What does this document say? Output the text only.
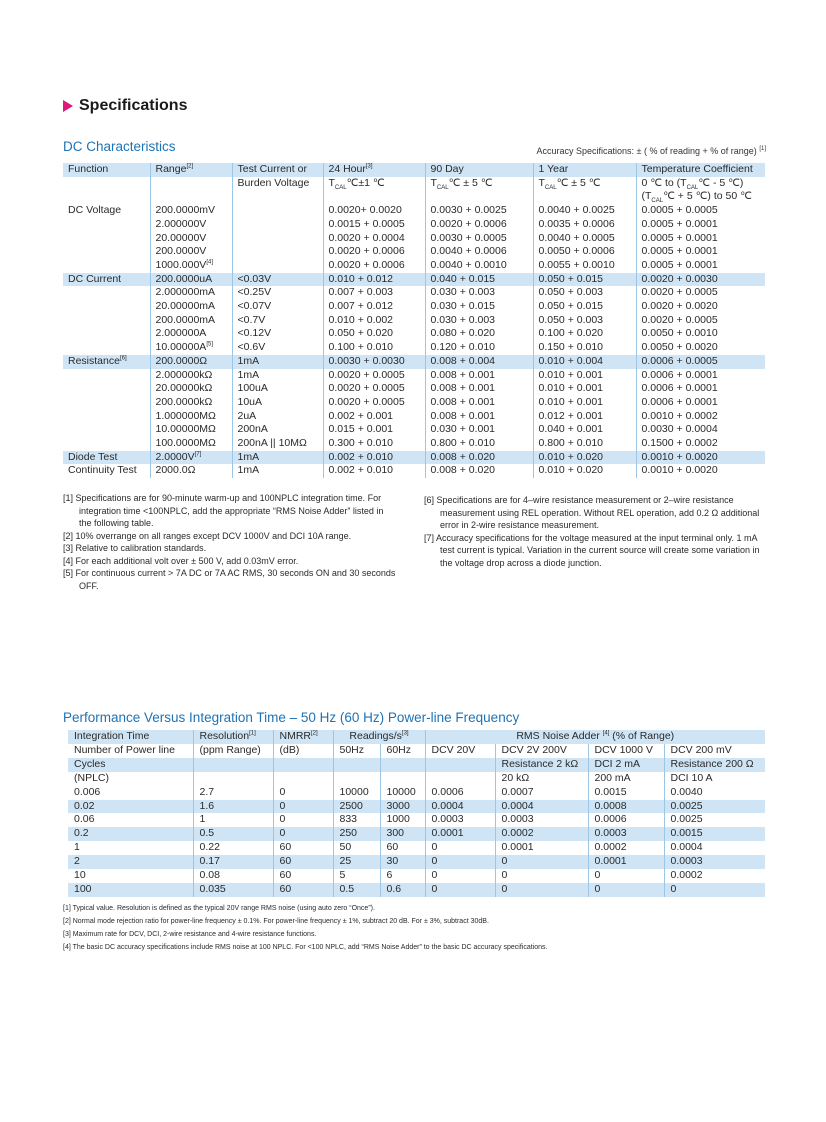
Specifications
DC Characteristics	Accuracy Specifications: ± ( % of reading + % of range) [1]
Function	Range[2]	Test Current or	24 Hour[3]	90 Day	1 Year	Temperature Coefficient
		Burden Voltage	$T_{CAL}℃\pm 1$ ℃	$T_{CAL}℃ \pm 5$ ℃	$T_{CAL}℃ \pm 5$ ℃	0 ℃ to ($T_{CAL}℃ - 5$ ℃)
						($T_{CAL}℃ + 5$ ℃) to 50 ℃
DC Voltage	200.0000mV		0.0020+ 0.0020	0.0030 + 0.0025	0.0040 + 0.0025	0.0005 + 0.0005
	2.000000V		0.0015 + 0.0005	0.0020 + 0.0006	0.0035 + 0.0006	0.0005 + 0.0001
	20.00000V		0.0020 + 0.0004	0.0030 + 0.0005	0.0040 + 0.0005	0.0005 + 0.0001
	200.0000V		0.0020 + 0.0006	0.0040 + 0.0006	0.0050 + 0.0006	0.0005 + 0.0001
	1000.000V[4]		0.0020 + 0.0006	0.0040 + 0.0010	0.0055 + 0.0010	0.0005 + 0.0001
DC Current	200.0000uA	<0.03V	0.010 + 0.012	0.040 + 0.015	0.050 + 0.015	0.0020 + 0.0030
	2.000000mA	<0.25V	0.007 + 0.003	0.030 + 0.003	0.050 + 0.003	0.0020 + 0.0005
	20.00000mA	<0.07V	0.007 + 0.012	0.030 + 0.015	0.050 + 0.015	0.0020 + 0.0020
	200.0000mA	<0.7V	0.010 + 0.002	0.030 + 0.003	0.050 + 0.003	0.0020 + 0.0005
	2.000000A	<0.12V	0.050 + 0.020	0.080 + 0.020	0.100 + 0.020	0.0050 + 0.0010
	10.00000A[5]	<0.6V	0.100 + 0.010	0.120 + 0.010	0.150 + 0.010	0.0050 + 0.0020
Resistance[6]	200.0000Ω	1mA	0.0030 + 0.0030	0.008 + 0.004	0.010 + 0.004	0.0006 + 0.0005
	2.000000kΩ	1mA	0.0020 + 0.0005	0.008 + 0.001	0.010 + 0.001	0.0006 + 0.0001
	20.00000kΩ	100uA	0.0020 + 0.0005	0.008 + 0.001	0.010 + 0.001	0.0006 + 0.0001
	200.0000kΩ	10uA	0.0020 + 0.0005	0.008 + 0.001	0.010 + 0.001	0.0006 + 0.0001
	1.000000MΩ	2uA	0.002 + 0.001	0.008 + 0.001	0.012 + 0.001	0.0010 + 0.0002
	10.00000MΩ	200nA	0.015 + 0.001	0.030 + 0.001	0.040 + 0.001	0.0030 + 0.0004
	100.0000MΩ	200nA || 10MΩ	0.300 + 0.010	0.800 + 0.010	0.800 + 0.010	0.1500 + 0.0002
Diode Test	2.0000V[7]	1mA	0.002 + 0.010	0.008 + 0.020	0.010 + 0.020	0.0010 + 0.0020
Continuity Test	2000.0Ω	1mA	0.002 + 0.010	0.008 + 0.020	0.010 + 0.020	0.0010 + 0.0020

[1] Specifications are for 90-minute warm-up and 100NPLC integration time. For integration time <100NPLC, add the appropriate “RMS Noise Adder” listed in the following table.

[2] 10% overrange on all ranges except DCV 1000V and DCI 10A range.

[3] Relative to calibration standards.

[4] For each additional volt over ± 500 V, add 0.03mV error.

[5] For continuous current > 7A DC or 7A AC RMS, 30 seconds ON and 30 seconds OFF.

[6] Specifications are for 4–wire resistance measurement or 2–wire resistance measurement using REL operation. Without REL operation, add 0.2 Ω additional error in 2-wire resistance measurement.

[7] Accuracy specifications for the voltage measured at the input terminal only. 1 mA test current is typical. Variation in the current source will create some variation in the voltage drop across a diode junction.

Performance Versus Integration Time – 50 Hz (60 Hz) Power-line Frequency
Integration Time	Resolution[1]	NMRR[2]	Readings/s[3]		RMS Noise Adder [4] (% of Range)			
Number of Power line	(ppm Range)	(dB)	50Hz	60Hz	DCV 20V	DCV 2V 200V	DCV 1000 V	DCV 200 mV
Cycles						Resistance 2 kΩ	DCI 2 mA	Resistance 200 Ω
(NPLC)						20 kΩ	200 mA	DCI 10 A
0.006	2.7	0	10000	10000	0.0006	0.0007	0.0015	0.0040
0.02	1.6	0	2500	3000	0.0004	0.0004	0.0008	0.0025
0.06	1	0	833	1000	0.0003	0.0003	0.0006	0.0025
0.2	0.5	0	250	300	0.0001	0.0002	0.0003	0.0015
1	0.22	60	50	60	0	0.0001	0.0002	0.0004
2	0.17	60	25	30	0	0	0.0001	0.0003
10	0.08	60	5	6	0	0	0	0.0002
100	0.035	60	0.5	0.6	0	0	0	0
[1] Typical value. Resolution is defined as the typical 20V range RMS noise (using auto zero “Once”).
[2] Normal mode rejection ratio for power-line frequency ± 0.1%. For power-line frequency ± 1%, subtract 20 dB. For ± 3%, subtract 30dB.
[3] Maximum rate for DCV, DCI, 2-wire resistance and 4-wire resistance functions.
[4] The basic DC accuracy specifications include RMS noise at 100 NPLC. For <100 NPLC, add “RMS Noise Adder” to the basic DC accuracy specifications.
